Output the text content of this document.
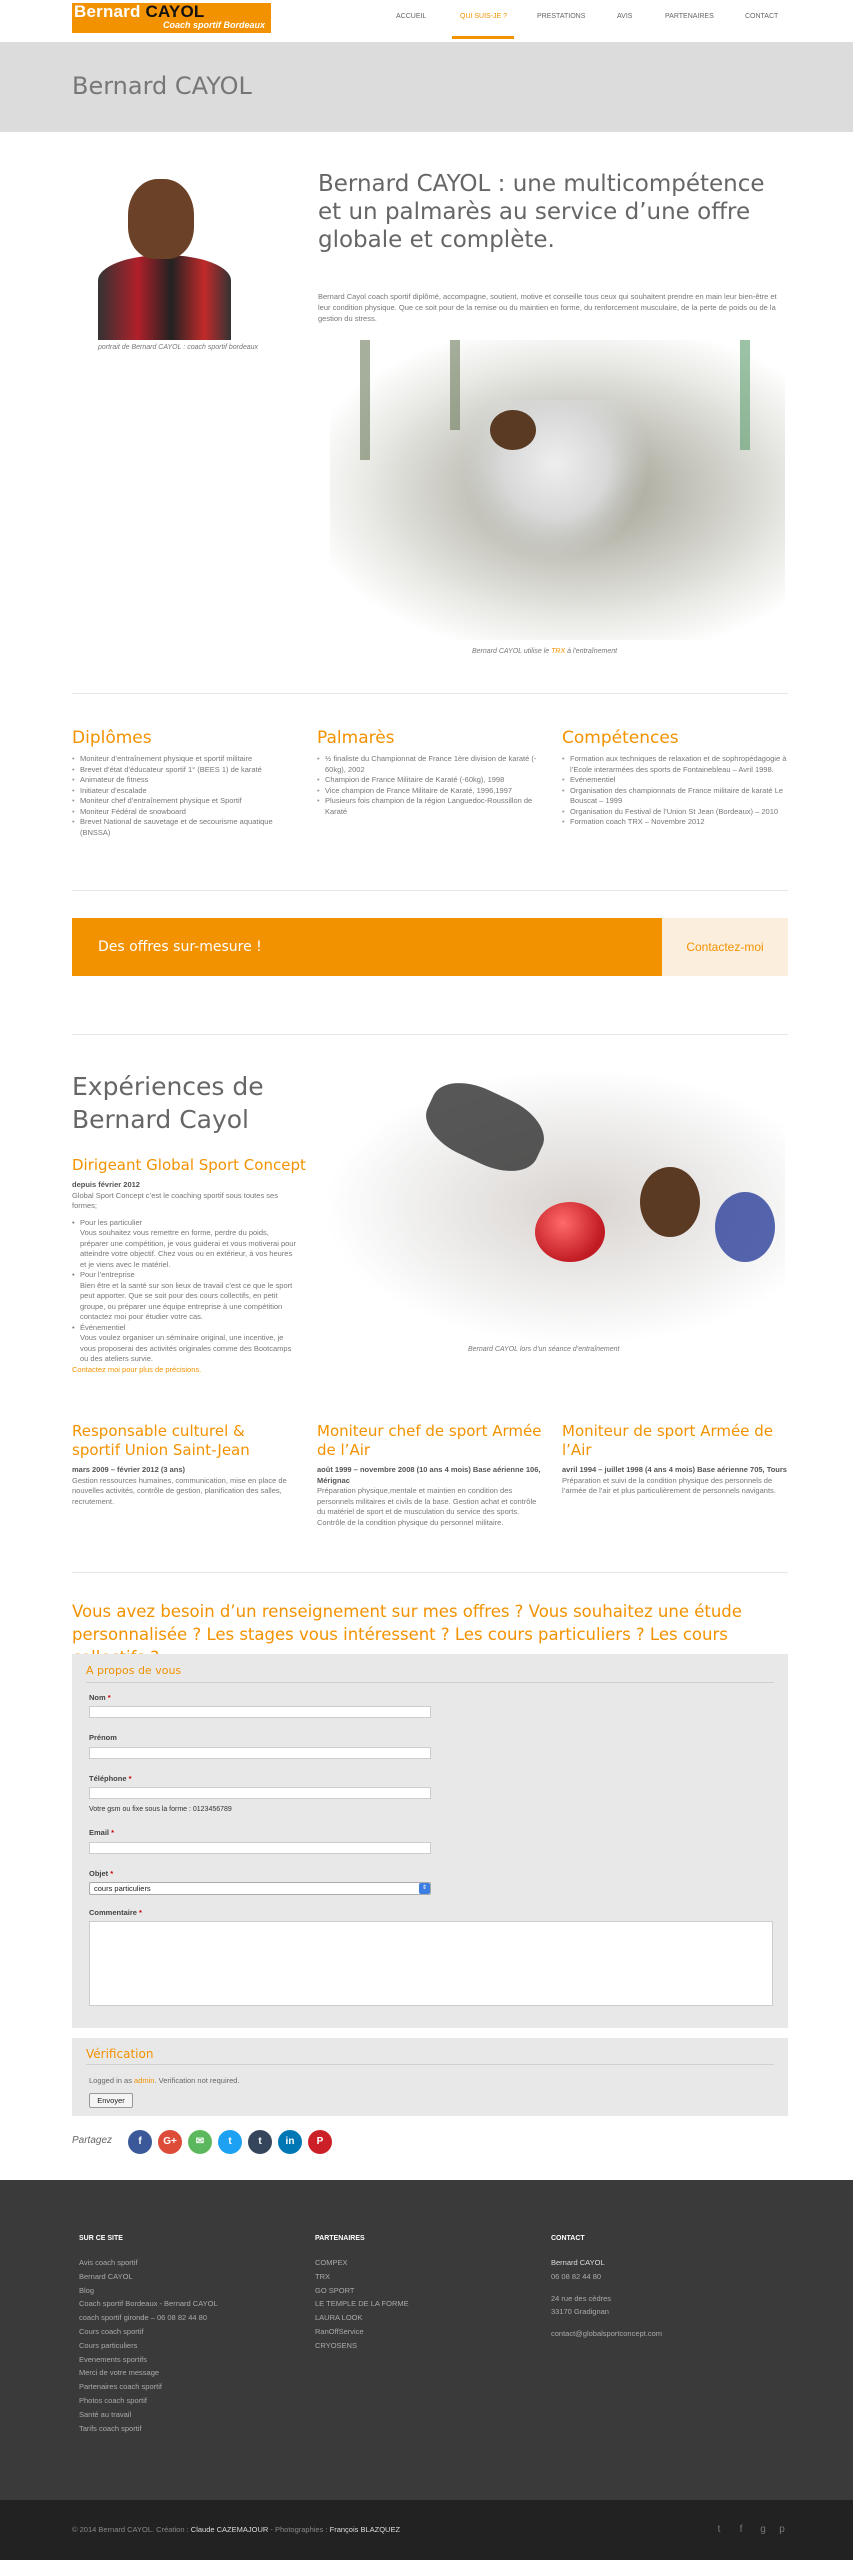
Bernard CAYOL
Coach sportif Bordeaux
ACCUEIL	QUI SUIS-JE ?	PRESTATIONS	AVIS	PARTENAIRES	CONTACT
Bernard CAYOL
portrait de Bernard CAYOL : coach sportif bordeaux
Bernard CAYOL : une multicompétence et un palmarès au service d’une offre globale et complète.

Bernard Cayol coach sportif diplômé, accompagne, soutient, motive et conseille tous ceux qui souhaitent prendre en main leur bien-être et leur condition physique. Que ce soit pour de la remise ou du maintien en forme, du renforcement musculaire, de la perte de poids ou de la gestion du stress.

Bernard CAYOL utilise le TRX à l'entraînement
Diplômes
• Moniteur d’entraînement physique et sportif militaire
• Brevet d’état d’éducateur sportif 1° (BEES 1) de karaté
• Animateur de fitness
• Initiateur d’escalade
• Moniteur chef d’entraînement physique et Sportif
• Moniteur Fédéral de snowboard
• Brevet National de sauvetage et de secourisme aquatique (BNSSA)
Palmarès
• ½ finaliste du Championnat de France 1ère division de karaté (- 60kg), 2002
• Champion de France Militaire de Karaté (-60kg), 1998
• Vice champion de France Militaire de Karaté, 1996,1997
• Plusieurs fois champion de la région Languedoc-Roussillon de Karaté
Compétences
• Formation aux techniques de relaxation et de sophropédagogie à l’Ecole interarmées des sports de Fontainebleau – Avril 1998.
• Evénementiel
• Organisation des championnats de France militaire de karaté Le Bouscat – 1999
• Organisation du Festival de l’Union St Jean (Bordeaux) – 2010
• Formation coach TRX – Novembre 2012
Des offres sur-mesure !	Contactez-moi
Expériences de Bernard Cayol
Dirigeant Global Sport Concept
depuis février 2012
Global Sport Concept c’est le coaching sportif sous toutes ses formes;
• Pour les particulier
Vous souhaitez vous remettre en forme, perdre du poids, préparer une compétition, je vous guiderai et vous motiverai pour atteindre votre objectif. Chez vous ou en extérieur, à vos heures et je viens avec le matériel.
• Pour l’entreprise
Bien être et la santé sur son lieux de travail c’est ce que le sport peut apporter. Que se soit pour des cours collectifs, en petit groupe, ou préparer une équipe entreprise à une compétition contactez moi pour étudier votre cas.
• Événementiel
Vous voulez organiser un séminaire original, une incentive, je vous proposerai des activités originales comme des Bootcamps ou des ateliers survie.
Contactez moi pour plus de précisions.
Bernard CAYOL lors d’un séance d’entraînement
Responsable culturel & sportif Union Saint-Jean
mars 2009 – février 2012 (3 ans)
Gestion ressources humaines, communication, mise en place de nouvelles activités, contrôle de gestion, planification des salles, recrutement.
Moniteur chef de sport Armée de l’Air
août 1999 – novembre 2008 (10 ans 4 mois) Base aérienne 106, Mérignac
Préparation physique,mentale et maintien en condition des personnels militaires et civils de la base. Gestion achat et contrôle du matériel de sport et de musculation du service des sports. Contrôle de la condition physique du personnel militaire.
Moniteur de sport Armée de l’Air
avril 1994 – juillet 1998 (4 ans 4 mois) Base aérienne 705, Tours
Préparation et suivi de la condition physique des personnels de l’armée de l’air et plus particulièrement de personnels navigants.
Vous avez besoin d’un renseignement sur mes offres ? Vous souhaitez une étude personnalisée ? Les stages vous intéressent ? Les cours particuliers ? Les cours
A propos de vous
Nom *
Prénom
Téléphone *
Votre gsm ou fixe sous la forme : 0123456789
Email *
Objet *
cours particuliers	⇕
Commentaire *
Vérification
Logged in as admin. Verification not required.
Envoyer
Partagez	f	G+	✉	t	t	in	P
SUR CE SITE
Avis coach sportif
Bernard CAYOL
Blog
Coach sportif Bordeaux - Bernard CAYOL
coach sportif gironde – 06 08 82 44 80
Cours coach sportif
Cours particuliers
Evenements sportifs
Merci de votre message
Partenaires coach sportif
Photos coach sportif
Santé au travail
Tarifs coach sportif
PARTENAIRES
COMPEX
TRX
GO SPORT
LE TEMPLE DE LA FORME
LAURA LOOK
RanOffService
CRYOSENS
CONTACT
Bernard CAYOL
06 08 82 44 80
24 rue des cèdres
33170 Gradignan
contact@globalsportconcept.com
© 2014 Bernard CAYOL. Création : Claude CAZEMAJOUR - Photographies : François BLAZQUEZ	t	f	g	p
